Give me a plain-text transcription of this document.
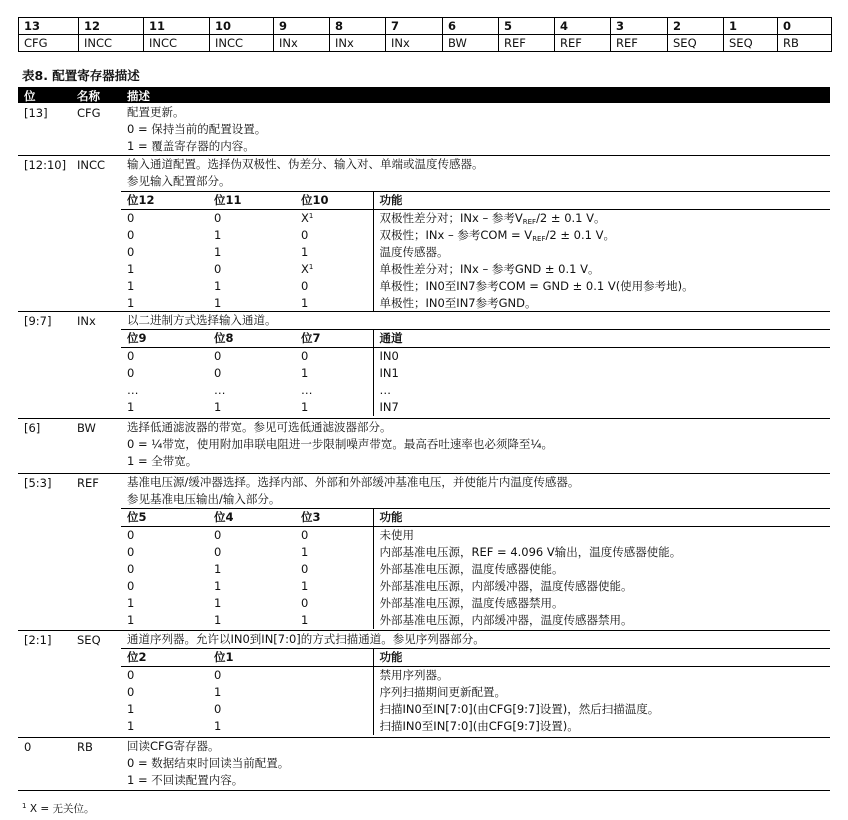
13	12	11	10	9	8	7	6	5	4	3	2	1	0
CFG	INCC	INCC	INCC	INx	INx	INx	BW	REF	REF	REF	SEQ	SEQ	RB
表8. 配置寄存器描述
位	名称 描述
[13]	CFG 配置更新。
0 = 保持当前的配置设置。
1 = 覆盖寄存器的内容。
[12:10] INCC 输入通道配置。选择伪双极性、伪差分、输入对、单端或温度传感器。
参见输入配置部分。
位12	位11	位10	功能
0	0	$X^1$	双极性差分对；INx – 参考$V_{REF}/2 \pm 0.1$ V。
0	1	0	双极性；INx – 参考COM = $V_{REF}/2 \pm 0.1$ V。
0	1	1	温度传感器。
1	0	$X^1$	单极性差分对；INx – 参考GND ± 0.1 V。
1	1	0	单极性；IN0至IN7参考COM = GND ± 0.1 V(使用参考地)。
1	1	1	单极性；IN0至IN7参考GND。
[9:7] INx	以二进制方式选择输入通道。
位9	位8	位7	通道
0	0	0	IN0
0	0	1	IN1
…	…	…	…
1	1	1	IN7
[6]	BW	选择低通滤波器的带宽。参见可选低通滤波器部分。
0 = ¼带宽，使用附加串联电阻进一步限制噪声带宽。最高吞吐速率也必须降至¼。
1 = 全带宽。
[5:3] REF 基准电压源/缓冲器选择。选择内部、外部和外部缓冲基准电压，并使能片内温度传感器。
参见基准电压输出/输入部分。
位5	位4	位3	功能
0	0	0	未使用
0	0	1	内部基准电压源，REF = 4.096 V输出，温度传感器使能。
0	1	0	外部基准电压源，温度传感器使能。
0	1	1	外部基准电压源，内部缓冲器，温度传感器使能。
1	1	0	外部基准电压源，温度传感器禁用。
1	1	1	外部基准电压源，内部缓冲器，温度传感器禁用。
[2:1] SEQ 通道序列器。允许以IN0到IN[7:0]的方式扫描通道。参见序列器部分。
位2	位1	功能
0	0	禁用序列器。
0	1	序列扫描期间更新配置。
1	0	扫描IN0至IN[7:0](由CFG[9:7]设置)，然后扫描温度。
1	1	扫描IN0至IN[7:0](由CFG[9:7]设置)。
0	RB	回读CFG寄存器。
0 = 数据结束时回读当前配置。
1 = 不回读配置内容。
$^1$ X = 无关位。
